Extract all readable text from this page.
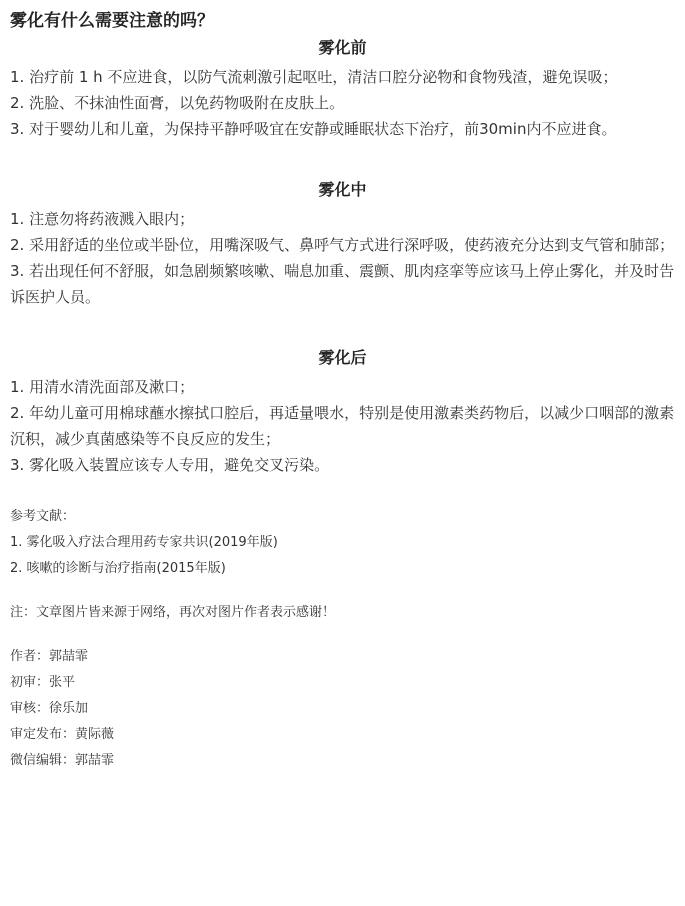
雾化有什么需要注意的吗？
雾化前

1. 治疗前 1 h 不应进食，以防气流刺激引起呕吐，清洁口腔分泌物和食物残渣，避免误吸；

2. 洗脸、不抹油性面膏，以免药物吸附在皮肤上。

3. 对于婴幼儿和儿童，为保持平静呼吸宜在安静或睡眠状态下治疗，前30min内不应进食。

雾化中

1. 注意勿将药液溅入眼内；

2. 采用舒适的坐位或半卧位，用嘴深吸气、鼻呼气方式进行深呼吸，使药液充分达到支气管和肺部；

3. 若出现任何不舒服，如急剧频繁咳嗽、喘息加重、震颤、肌肉痉挛等应该马上停止雾化，并及时告诉医护人员。

雾化后

1. 用清水清洗面部及漱口；

2. 年幼儿童可用棉球蘸水擦拭口腔后，再适量喂水，特别是使用激素类药物后，以减少口咽部的激素沉积，减少真菌感染等不良反应的发生；

3. 雾化吸入装置应该专人专用，避免交叉污染。

参考文献：

1. 雾化吸入疗法合理用药专家共识(2019年版)

2. 咳嗽的诊断与治疗指南(2015年版)

注：文章图片皆来源于网络，再次对图片作者表示感谢！

作者：郭喆霏

初审：张平

审核：徐乐加

审定发布：黄际薇

微信编辑：郭喆霏
